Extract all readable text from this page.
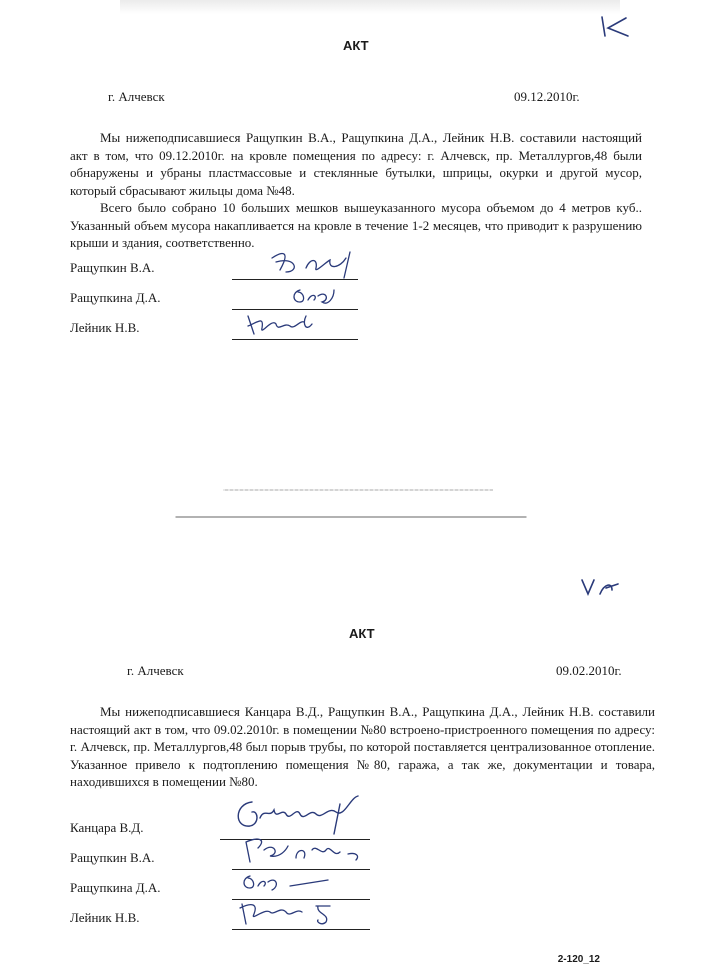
АКТ
г. Алчевск	09.12.2010г.

Мы нижеподписавшиеся Ращупкин В.А., Ращупкина Д.А., Лейник Н.В. составили настоящий акт в том, что 09.12.2010г. на кровле помещения по адресу: г. Алчевск, пр. Металлургов,48 были обнаружены и убраны пластмассовые и стеклянные бутылки, шприцы, окурки и другой мусор, который сбрасывают жильцы дома №48.

Всего было собрано 10 больших мешков вышеуказанного мусора объемом до 4 метров куб.. Указанный объем мусора накапливается на кровле в течение 1-2 месяцев, что приводит к разрушению крыши и здания, соответственно.

Ращупкин В.А.
Ращупкина Д.А.
Лейник Н.В.
АКТ
г. Алчевск	09.02.2010г.

Мы нижеподписавшиеся Канцара В.Д., Ращупкин В.А., Ращупкина Д.А., Лейник Н.В. составили настоящий акт в том, что 09.02.2010г. в помещении №80 встроено-пристроенного помещения по адресу: г. Алчевск, пр. Металлургов,48 был порыв трубы, по которой поставляется централизованное отопление. Указанное привело к подтоплению помещения №80, гаража, а так же, документации и товара, находившихся в помещении №80.

Канцара В.Д.
Ращупкин В.А.
Ращупкина Д.А.
Лейник Н.В.
2-120_12
